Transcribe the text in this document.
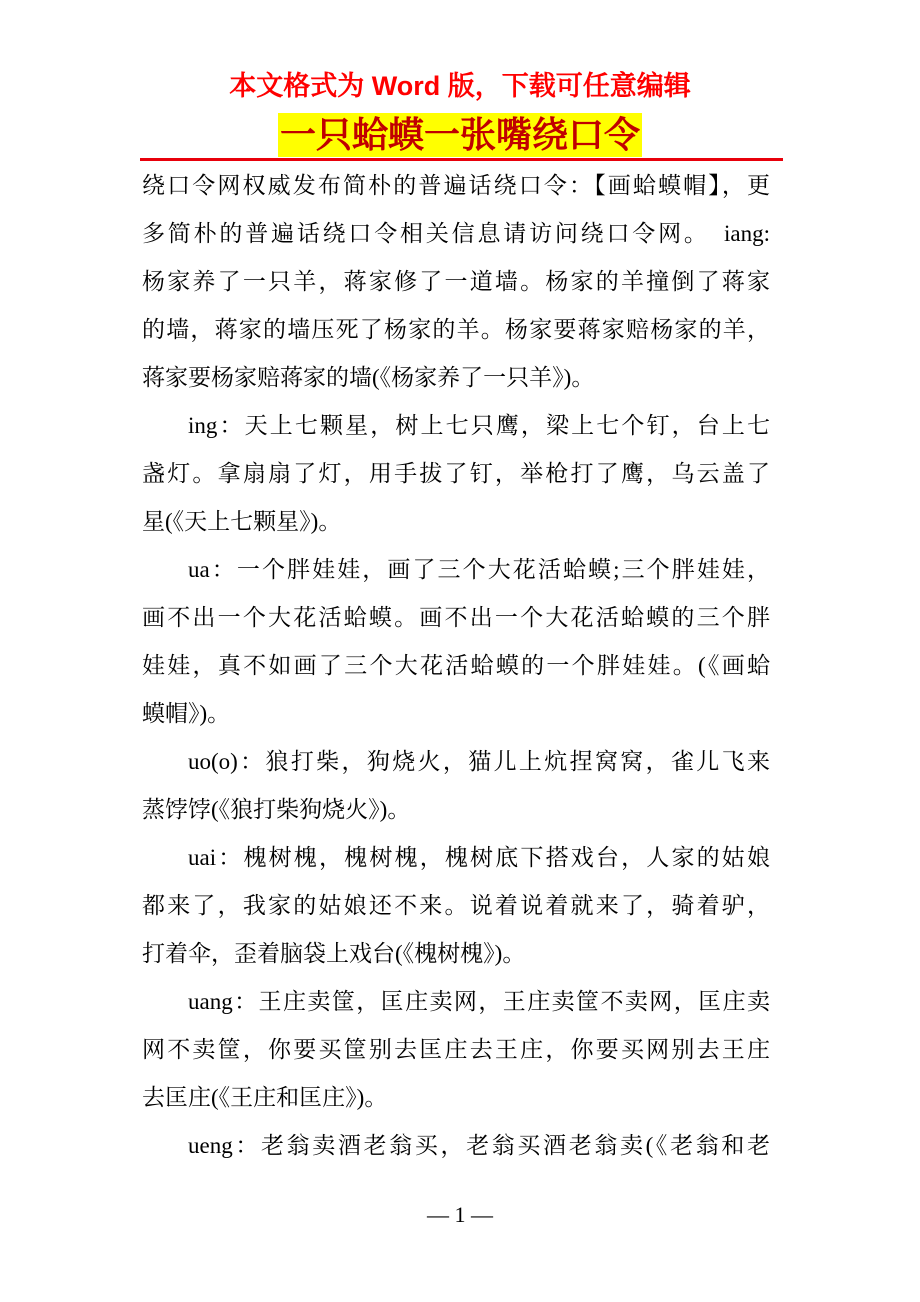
本文格式为 Word 版，下载可任意编辑
一只蛤蟆一张嘴绕口令
绕口令网权威发布简朴的普遍话绕口令：【画蛤蟆帽】，更
多简朴的普遍话绕口令相关信息请访问绕口令网。　iang:
杨家养了一只羊，蒋家修了一道墙。杨家的羊撞倒了蒋家
的墙，蒋家的墙压死了杨家的羊。杨家要蒋家赔杨家的羊，
蒋家要杨家赔蒋家的墙(《杨家养了一只羊》)。
ing：天上七颗星，树上七只鹰，梁上七个钉，台上七
盏灯。拿扇扇了灯，用手拔了钉，举枪打了鹰，乌云盖了
星(《天上七颗星》)。
ua：一个胖娃娃，画了三个大花活蛤蟆;三个胖娃娃，
画不出一个大花活蛤蟆。画不出一个大花活蛤蟆的三个胖
娃娃，真不如画了三个大花活蛤蟆的一个胖娃娃。(《画蛤
蟆帽》)。
uo(o)：狼打柴，狗烧火，猫儿上炕捏窝窝，雀儿飞来
蒸饽饽(《狼打柴狗烧火》)。
uai：槐树槐，槐树槐，槐树底下搭戏台，人家的姑娘
都来了，我家的姑娘还不来。说着说着就来了，骑着驴，
打着伞，歪着脑袋上戏台(《槐树槐》)。
uang：王庄卖筐，匡庄卖网，王庄卖筐不卖网，匡庄卖
网不卖筐，你要买筐别去匡庄去王庄，你要买网别去王庄
去匡庄(《王庄和匡庄》)。
ueng：老翁卖酒老翁买，老翁买酒老翁卖(《老翁和老
— 1 —
